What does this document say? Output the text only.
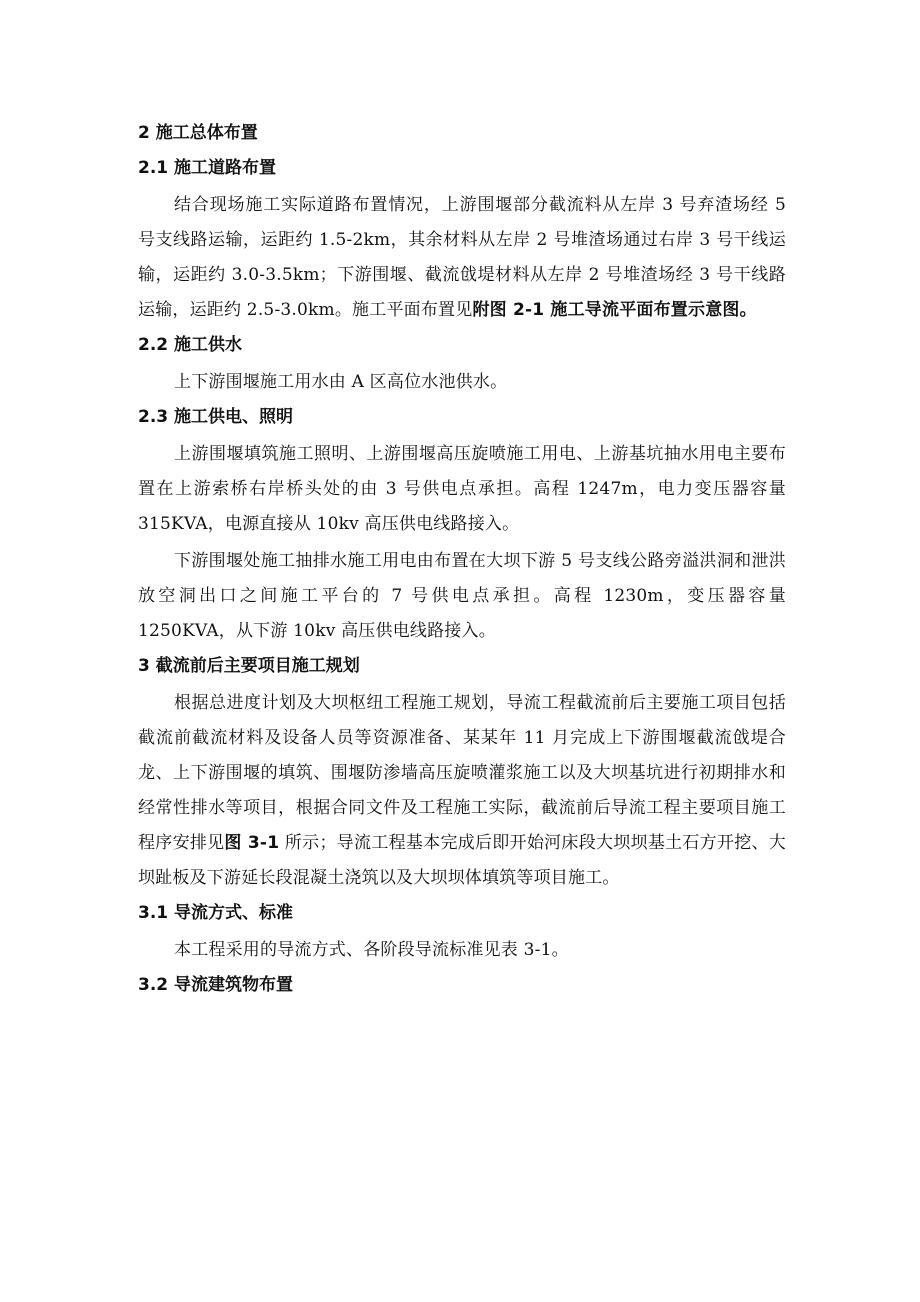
2 施工总体布置
2.1 施工道路布置

结合现场施工实际道路布置情况，上游围堰部分截流料从左岸 3 号弃渣场经 5 号支线路运输，运距约 1.5-2km，其余材料从左岸 2 号堆渣场通过右岸 3 号干线运输，运距约 3.0-3.5km；下游围堰、截流戗堤材料从左岸 2 号堆渣场经 3 号干线路运输，运距约 2.5-3.0km。施工平面布置见附图 2-1 施工导流平面布置示意图。

2.2 施工供水

上下游围堰施工用水由 A 区高位水池供水。

2.3 施工供电、照明

上游围堰填筑施工照明、上游围堰高压旋喷施工用电、上游基坑抽水用电主要布置在上游索桥右岸桥头处的由 3 号供电点承担。高程 1247m，电力变压器容量 315KVA，电源直接从 10kv 高压供电线路接入。

下游围堰处施工抽排水施工用电由布置在大坝下游 5 号支线公路旁溢洪洞和泄洪放空洞出口之间施工平台的 7 号供电点承担。高程 1230m，变压器容量 1250KVA，从下游 10kv 高压供电线路接入。

3 截流前后主要项目施工规划

根据总进度计划及大坝枢纽工程施工规划，导流工程截流前后主要施工项目包括截流前截流材料及设备人员等资源准备、某某年 11 月完成上下游围堰截流戗堤合龙、上下游围堰的填筑、围堰防渗墙高压旋喷灌浆施工以及大坝基坑进行初期排水和经常性排水等项目，根据合同文件及工程施工实际，截流前后导流工程主要项目施工程序安排见图 3-1 所示；导流工程基本完成后即开始河床段大坝坝基土石方开挖、大坝趾板及下游延长段混凝土浇筑以及大坝坝体填筑等项目施工。

3.1 导流方式、标准

本工程采用的导流方式、各阶段导流标准见表 3-1。

3.2 导流建筑物布置
